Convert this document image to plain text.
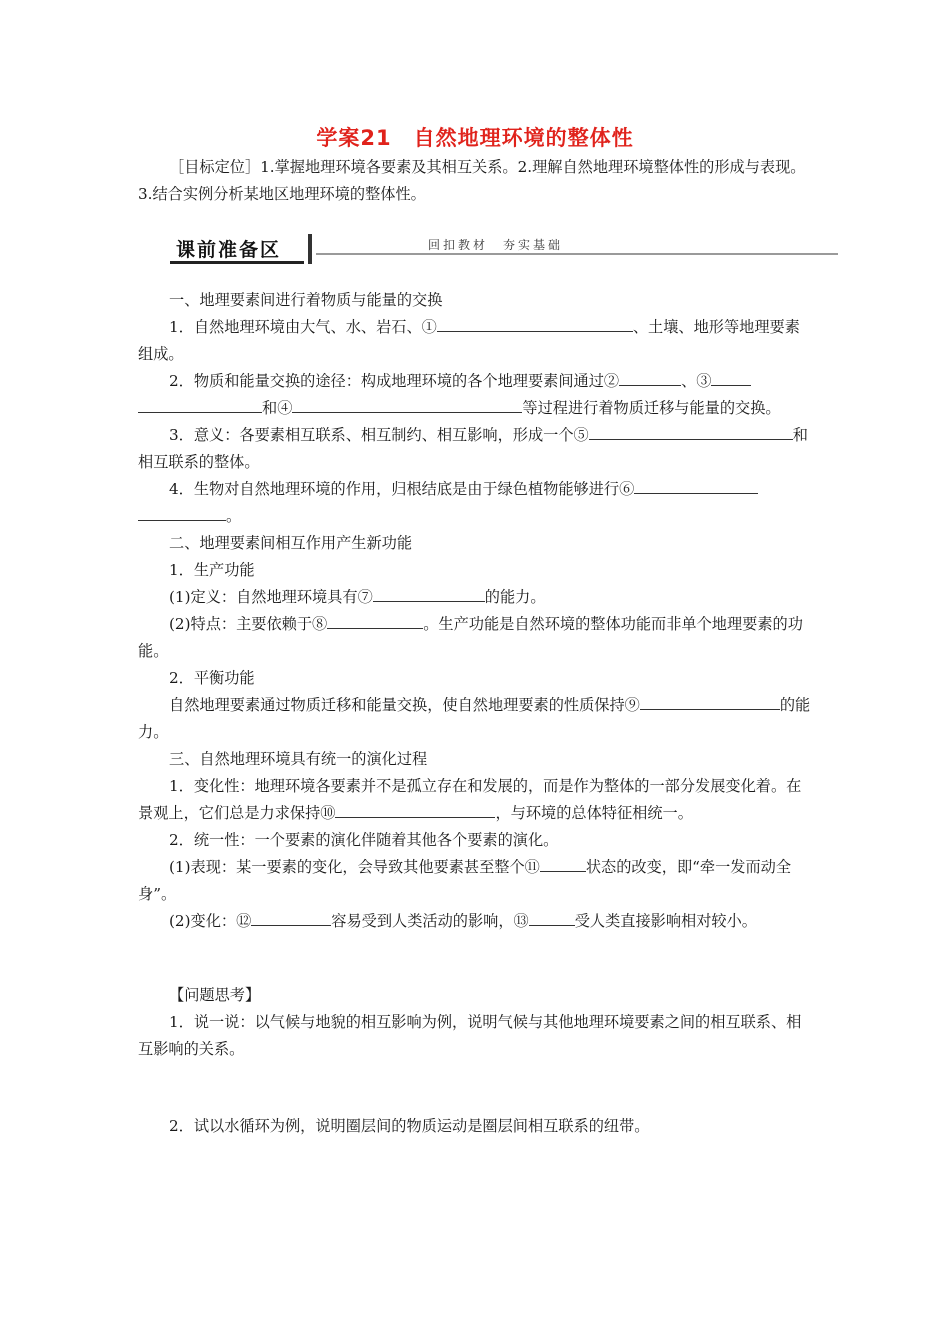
学案21 自然地理环境的整体性

［目标定位］1.掌握地理环境各要素及其相互关系。2.理解自然地理环境整体性的形成与表现。3.结合实例分析某地区地理环境的整体性。

课前准备区	回扣教材　夯实基础

一、地理要素间进行着物质与能量的交换

1．自然地理环境由大气、水、岩石、①	、土壤、地形等地理要素组成。

2．物质和能量交换的途径：构成地理环境的各个地理要素间通过②	、③和④	等过程进行着物质迁移与能量的交换。

3．意义：各要素相互联系、相互制约、相互影响，形成一个⑤	和相互联系的整体。

4．生物对自然地理环境的作用，归根结底是由于绿色植物能够进行⑥。

二、地理要素间相互作用产生新功能

1．生产功能

(1)定义：自然地理环境具有⑦	的能力。

(2)特点：主要依赖于⑧	。生产功能是自然环境的整体功能而非单个地理要素的功能。

2．平衡功能

自然地理要素通过物质迁移和能量交换，使自然地理要素的性质保持⑨	的能力。

三、自然地理环境具有统一的演化过程

1．变化性：地理环境各要素并不是孤立存在和发展的，而是作为整体的一部分发展变化着。在景观上，它们总是力求保持⑩	，与环境的总体特征相统一。

2．统一性：一个要素的演化伴随着其他各个要素的演化。

(1)表现：某一要素的变化，会导致其他要素甚至整个⑪	状态的改变，即“牵一发而动全身”。

(2)变化：⑫	容易受到人类活动的影响，⑬	受人类直接影响相对较小。

【问题思考】

1．说一说：以气候与地貌的相互影响为例，说明气候与其他地理环境要素之间的相互联系、相互影响的关系。

2．试以水循环为例，说明圈层间的物质运动是圈层间相互联系的纽带。
